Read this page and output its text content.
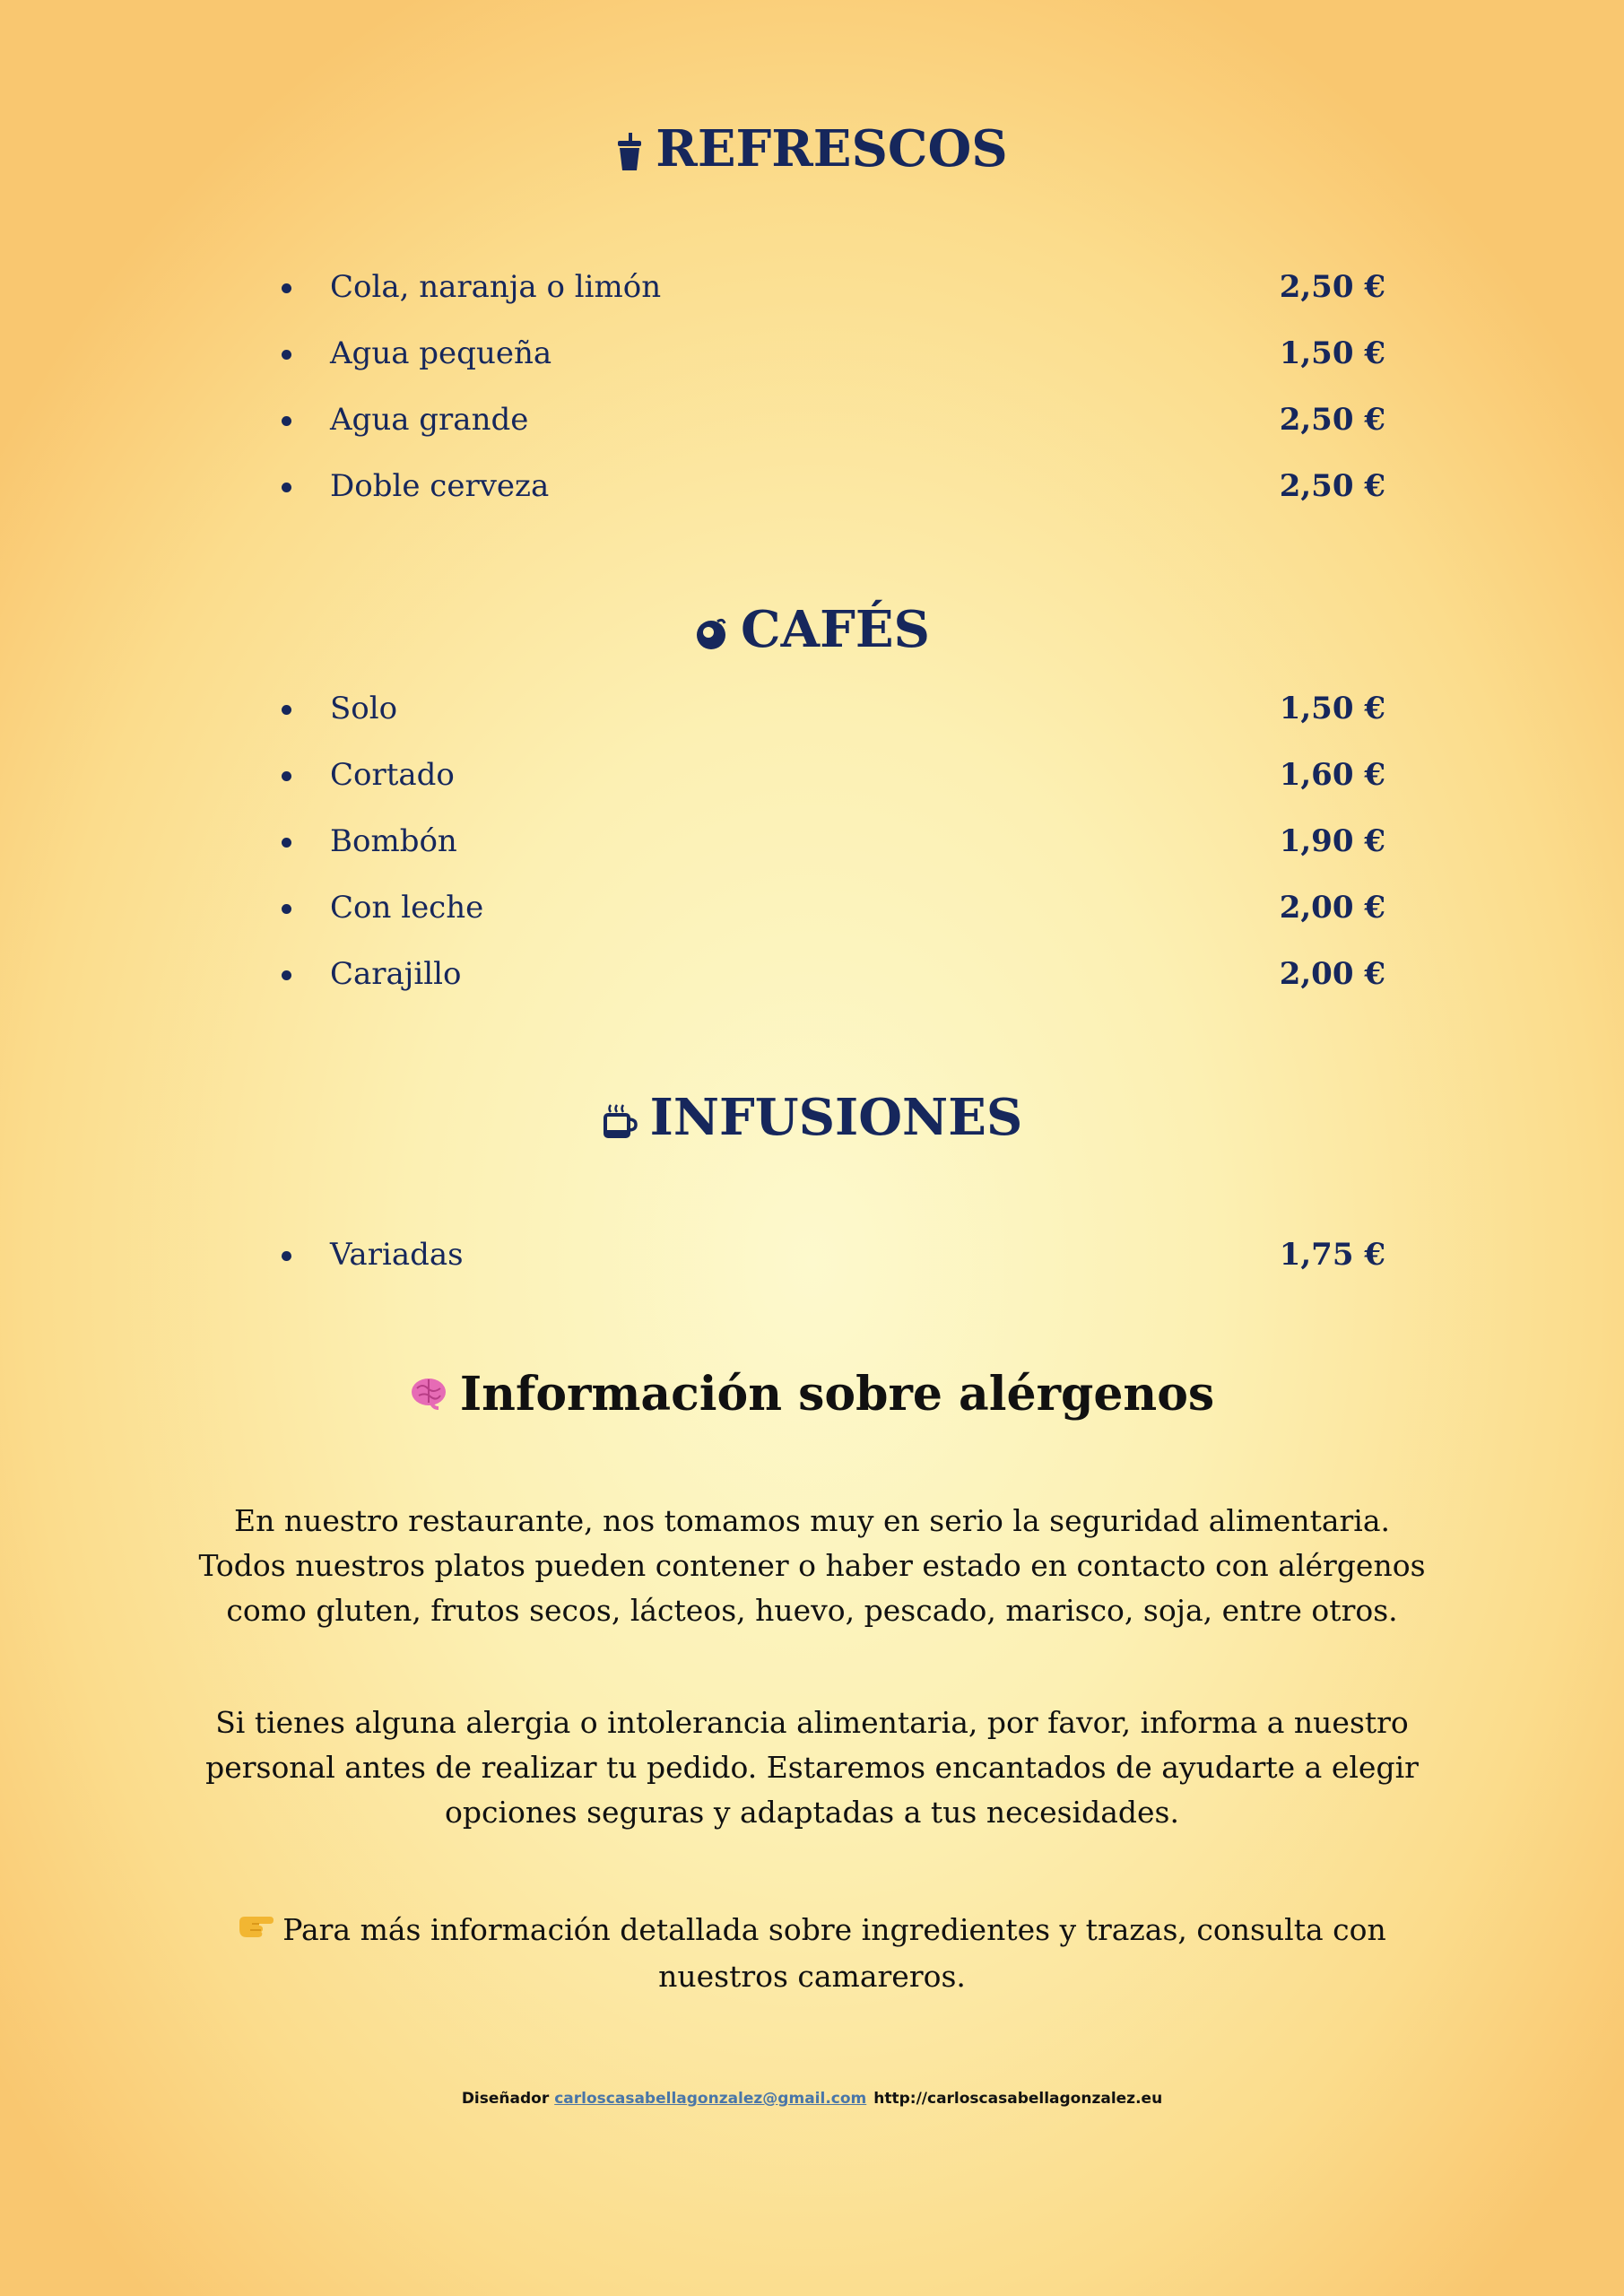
REFRESCOS
Cola, naranja o limón	2,50 €
Agua pequeña	1,50 €
Agua grande	2,50 €
Doble cerveza	2,50 €
CAFÉS
Solo	1,50 €
Cortado	1,60 €
Bombón	1,90 €
Con leche	2,00 €
Carajillo	2,00 €
INFUSIONES
Variadas	1,75 €
Información sobre alérgenos

En nuestro restaurante, nos tomamos muy en serio la seguridad alimentaria.
Todos nuestros platos pueden contener o haber estado en contacto con alérgenos
como gluten, frutos secos, lácteos, huevo, pescado, marisco, soja, entre otros.

Si tienes alguna alergia o intolerancia alimentaria, por favor, informa a nuestro
personal antes de realizar tu pedido. Estaremos encantados de ayudarte a elegir
opciones seguras y adaptadas a tus necesidades.

Para más información detallada sobre ingredientes y trazas, consulta con
nuestros camareros.

Diseñador carloscasabellagonzalez@gmail.com http://carloscasabellagonzalez.eu
